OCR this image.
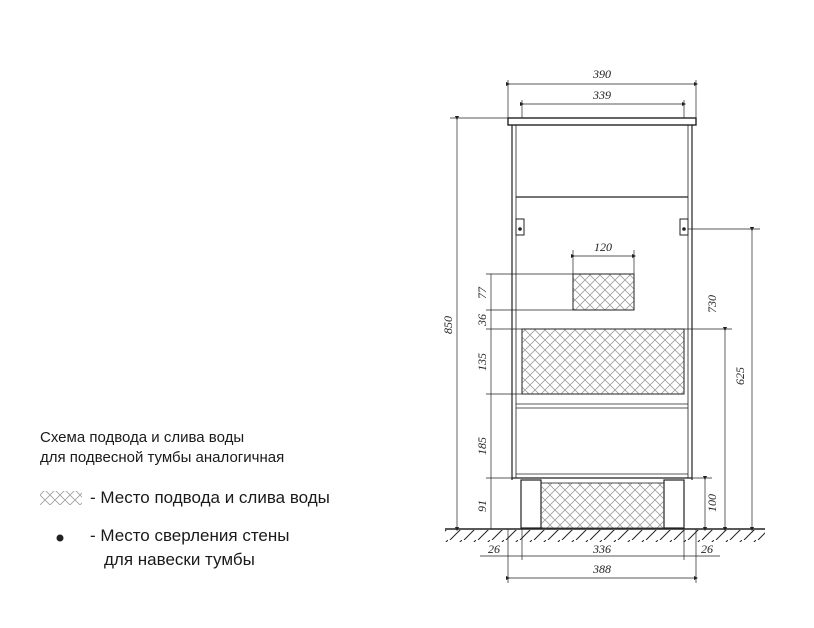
390
339
120
850
77
36
135
185
91
730
625
100
26	336	26
388
Схема подвода и слива воды
для подвесной тумбы аналогичная
- Место подвода и слива воды
- Место сверления стены
для навески тумбы
